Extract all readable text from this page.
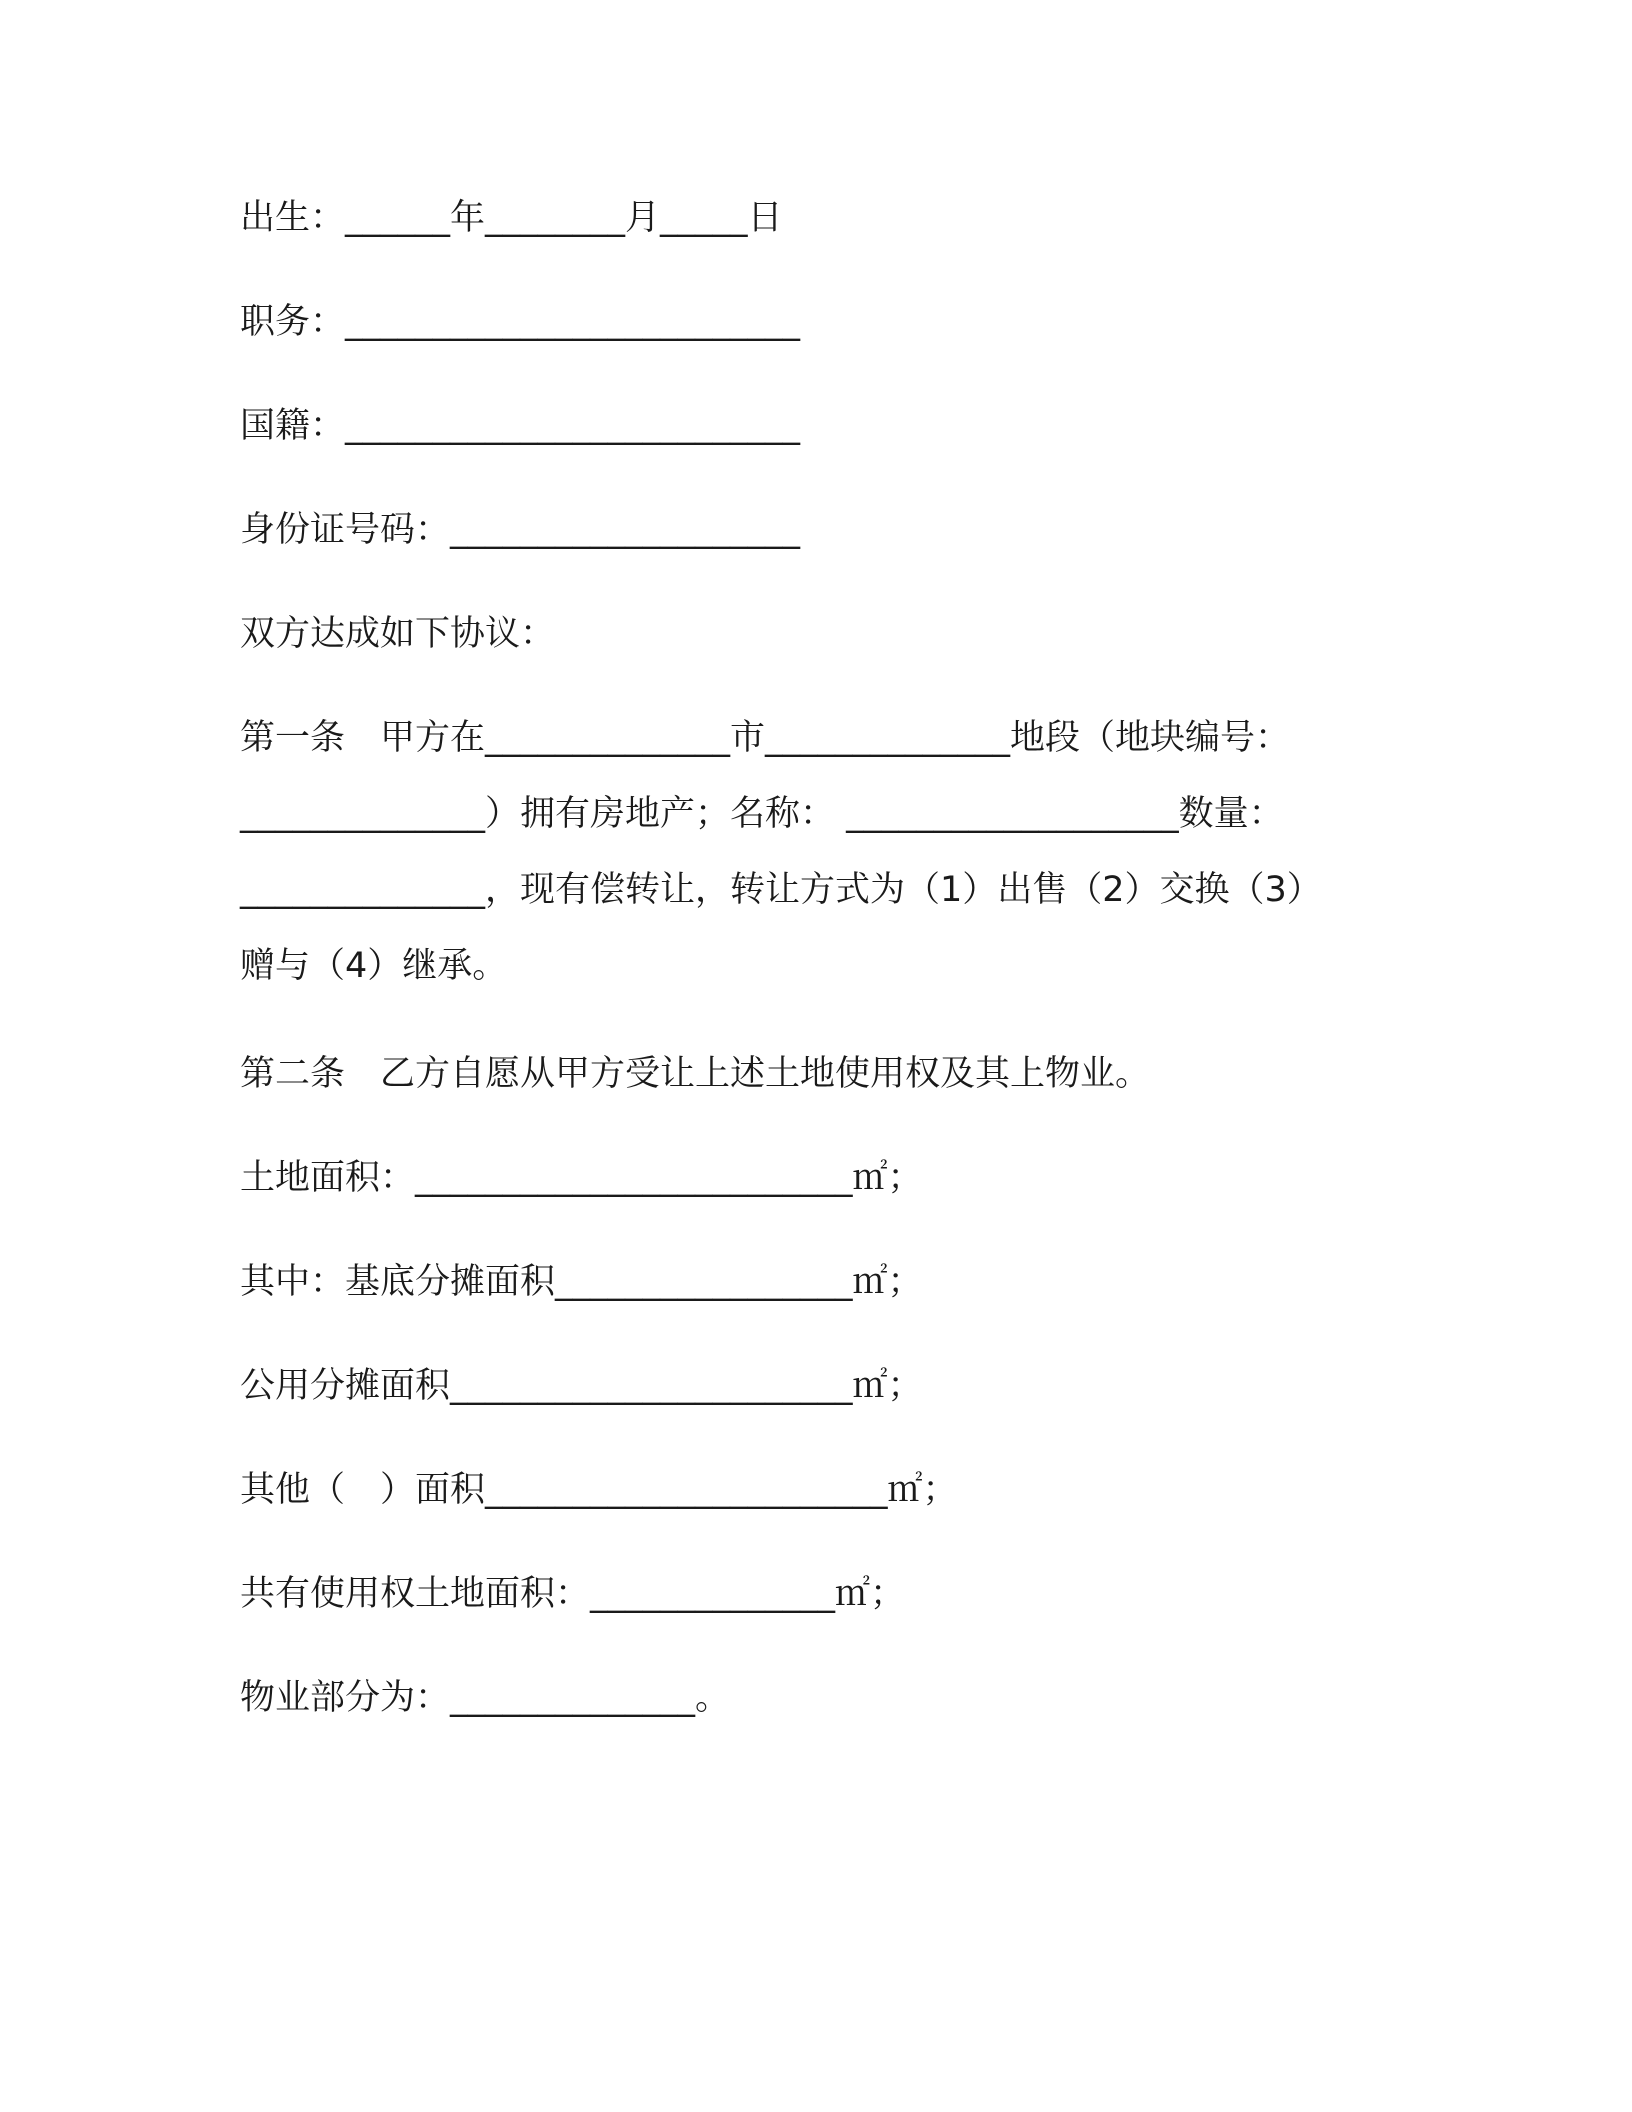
出生：______年________月_____日
职务：__________________________
国籍：__________________________
身份证号码：____________________
双方达成如下协议：
第一条　甲方在______________市______________地段（地块编号：
______________）拥有房地产；名称： ___________________数量：
______________，现有偿转让，转让方式为（1）出售（2）交换（3）
赠与（4）继承。
第二条　乙方自愿从甲方受让上述土地使用权及其上物业。
土地面积：_________________________㎡；
其中：基底分摊面积_________________㎡；
公用分摊面积_______________________㎡；
其他（　）面积_______________________㎡；
共有使用权土地面积：______________㎡；
物业部分为：______________。
